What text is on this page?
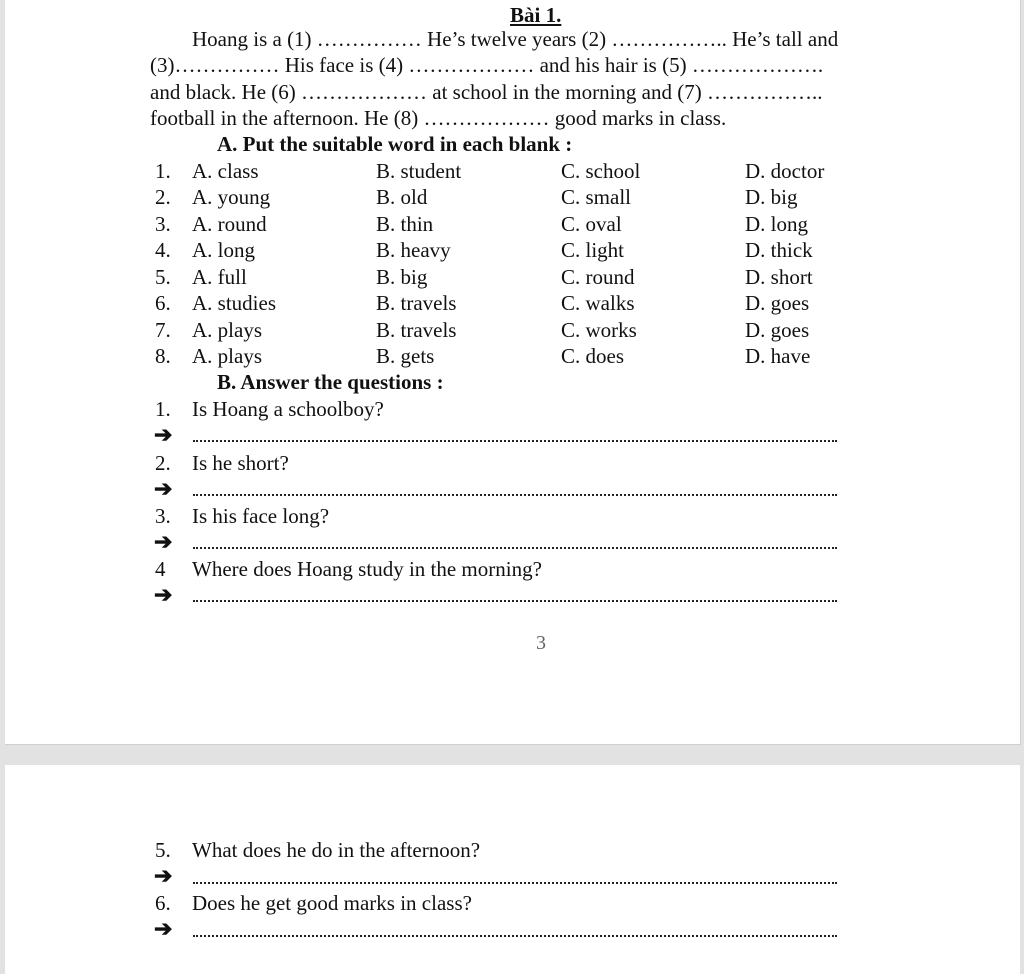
Bài 1.

Hoang is a (1) …………… He’s twelve years (2) …………….. He’s tall and

(3)…………… His face is (4) ……………… and his hair is (5) ……………….

and black. He (6) ……………… at school in the morning and (7) ……………..

football in the afternoon. He (8) ……………… good marks in class.

A. Put the suitable word in each blank :
1. A. class	B. student	C. school	D. doctor
2. A. young	B. old	C. small	D. big
3. A. round	B. thin	C. oval	D. long
4. A. long	B. heavy	C. light	D. thick
5. A. full	B. big	C. round	D. short
6. A. studies	B. travels	C. walks	D. goes
7. A. plays	B. travels	C. works	D. goes
8. A. plays	B. gets	C. does	D. have
B. Answer the questions :
1. Is Hoang a schoolboy?
➔
2. Is he short?
➔
3. Is his face long?
➔
4 Where does Hoang study in the morning?
➔
3
5. What does he do in the afternoon?
➔
6. Does he get good marks in class?
➔
